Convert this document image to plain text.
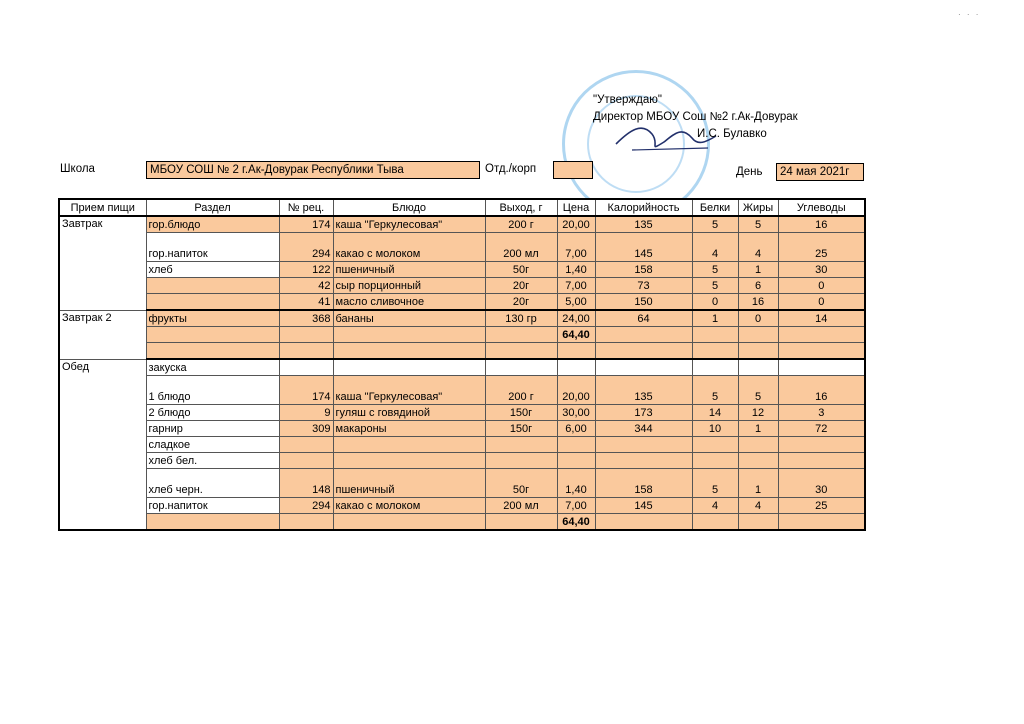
"Утверждаю"
Директор МБОУ Сош №2 г.Ак-Довурак
И.С. Булавко
Школа	МБОУ СОШ № 2 г.Ак-Довурак Республики Тыва	Отд./корп	День	24 мая 2021г
· · ·
Прием пищи	Раздел	№ рец.	Блюдо	Выход, г	Цена	Калорийность	Белки	Жиры	Углеводы
Завтрак	гор.блюдо	174	каша "Геркулесовая"	200 г	20,00	135	5	5	16
	гор.напиток	294	какао с молоком	200 мл	7,00	145	4	4	25
	хлеб	122	пшеничный	50г	1,40	158	5	1	30
		42	сыр порционный	20г	7,00	73	5	6	0
		41	масло сливочное	20г	5,00	150	0	16	0
Завтрак 2	фрукты	368	бананы	130 гр	24,00	64	1	0	14
					64,40				

Обед	закуска								
	1 блюдо	174	каша "Геркулесовая"	200 г	20,00	135	5	5	16
	2 блюдо	9	гуляш с говядиной	150г	30,00	173	14	12	3
	гарнир	309	макароны	150г	6,00	344	10	1	72
	сладкое								
	хлеб бел.								
	хлеб черн.	148	пшеничный	50г	1,40	158	5	1	30
	гор.напиток	294	какао с молоком	200 мл	7,00	145	4	4	25
					64,40				
